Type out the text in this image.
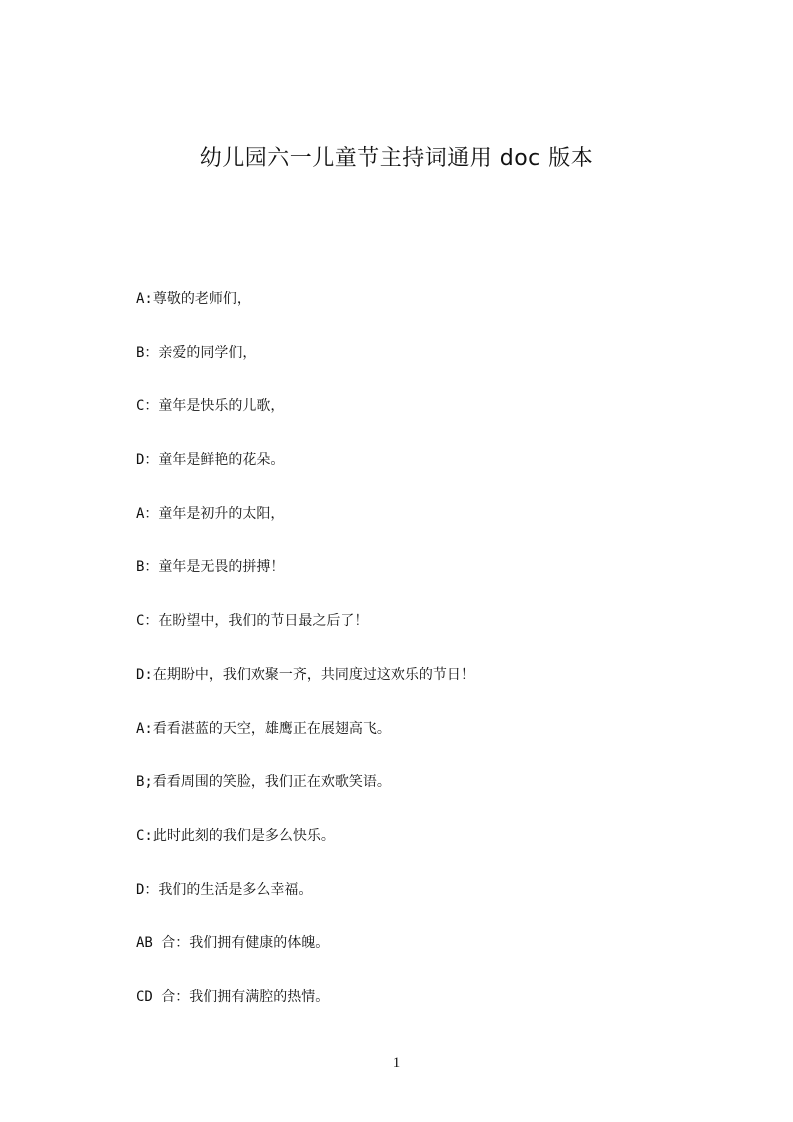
幼儿园六一儿童节主持词通用 doc 版本
A:尊敬的老师们，
B：亲爱的同学们，
C：童年是快乐的儿歌，
D：童年是鲜艳的花朵。
A：童年是初升的太阳，
B：童年是无畏的拼搏！
C：在盼望中，我们的节日最之后了！
D:在期盼中，我们欢聚一齐，共同度过这欢乐的节日！
A:看看湛蓝的天空，雄鹰正在展翅高飞。
B;看看周围的笑脸，我们正在欢歌笑语。
C:此时此刻的我们是多么快乐。
D：我们的生活是多么幸福。
AB 合：我们拥有健康的体魄。
CD 合：我们拥有满腔的热情。
1
